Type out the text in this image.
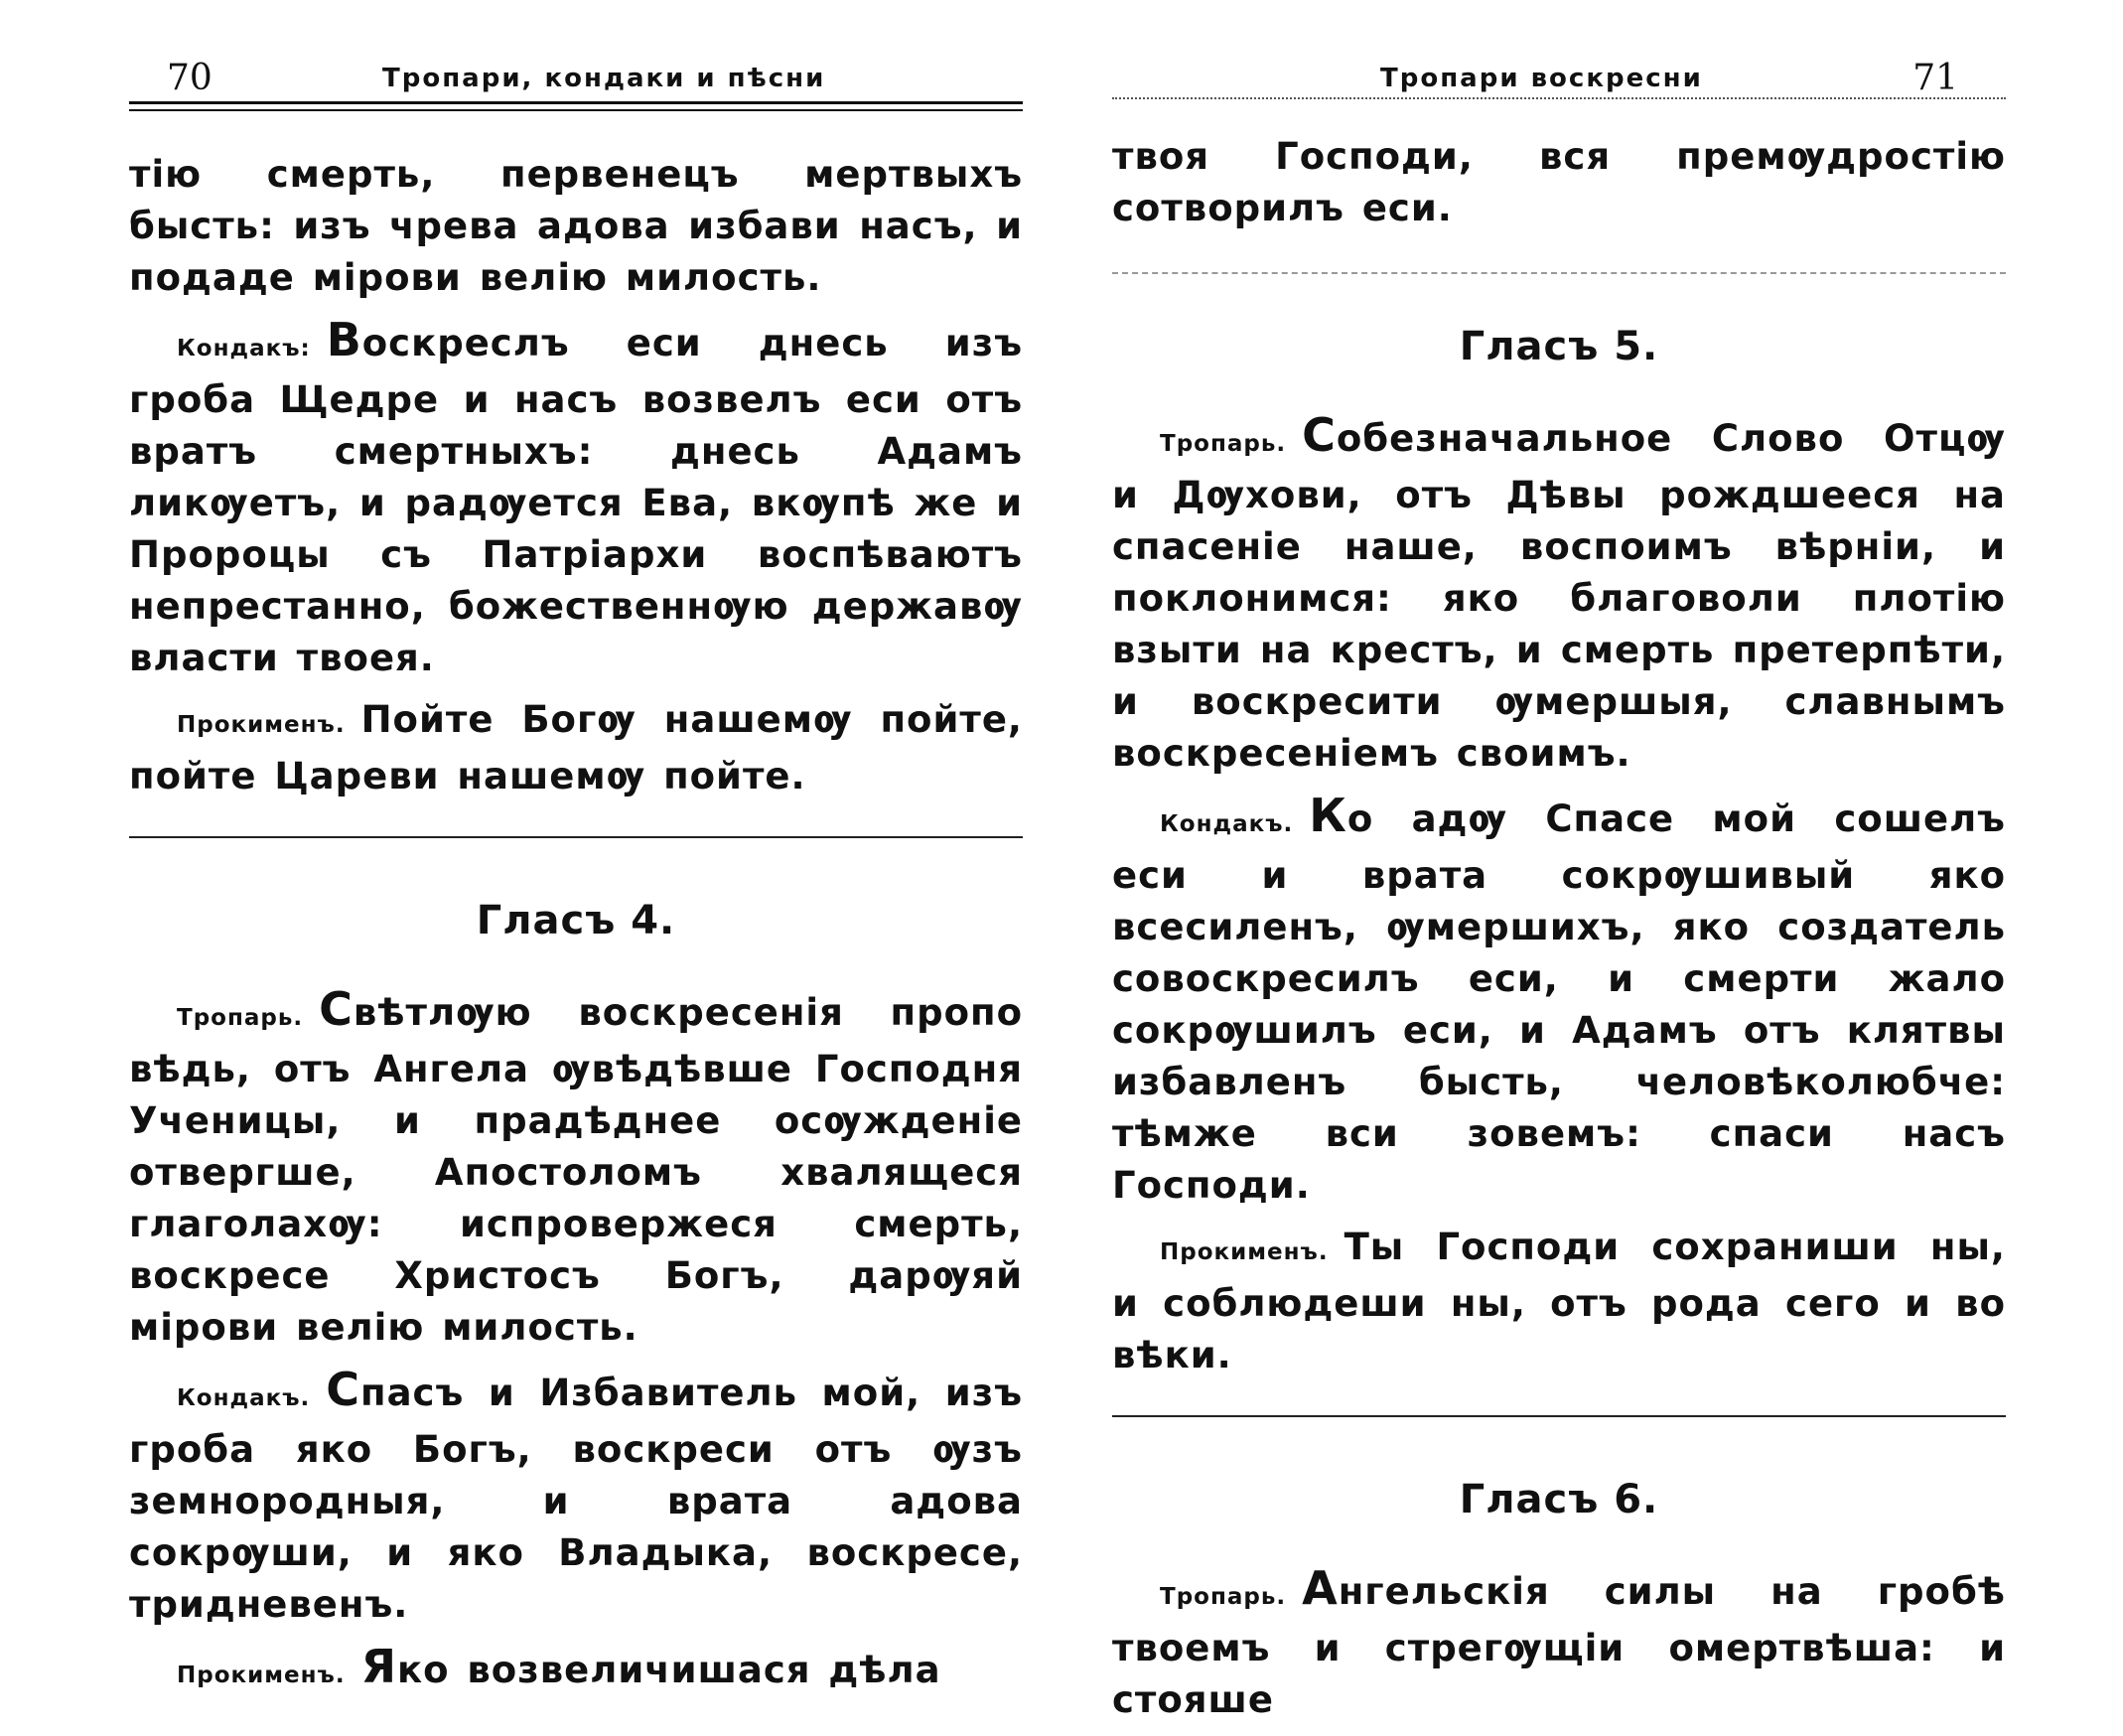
70	Тропари, кондаки и пѣсни

тію смерть, первенецъ мертвыхъ бысть: изъ чрева адова избави насъ, и подаде мірови велію милость.

Кондакъ: Воскреслъ еси днесь изъ гроба Щедре и насъ возвелъ еси отъ вратъ смертныхъ: днесь Адамъ ликѹетъ, и радѹется Ева, вкѹпѣ же и Пророцы съ Патріархи воспѣваютъ непрестанно, божественнѹю державѹ власти твоея.

Прокименъ. Пойте Богѹ нашемѹ пойте, пойте Цареви нашемѹ пойте.

Гласъ 4.

Тропарь. Свѣтлѹю воскресенія пропо вѣдь, отъ Ангела ѹвѣдѣвше Господня Ученицы, и прадѣднее осѹжденіе отвергше, Апостоломъ хвалящеся глаголахѹ: испровержеся смерть, воскресе Христосъ Богъ, дарѹяй мірови велію милость.

Кондакъ. Спасъ и Избавитель мой, изъ гроба яко Богъ, воскреси отъ ѹзъ земнородныя, и врата адова сокрѹши, и яко Владыка, воскресе, тридневенъ.

Прокименъ. Яко возвеличишася дѣла

Тропари воскресни	71

твоя Господи, вся премѹдростію сотворилъ еси.

Гласъ 5.

Тропарь. Собезначальное Слово Отцѹ и Дѹхови, отъ Дѣвы рождшееся на спасеніе наше, воспоимъ вѣрніи, и поклонимся: яко благоволи плотію взыти на крестъ, и смерть претерпѣти, и воскресити ѹмершыя, славнымъ воскресеніемъ своимъ.

Кондакъ. Ко адѹ Спасе мой сошелъ еси и врата сокрѹшивый яко всесиленъ, ѹмершихъ, яко создатель совоскресилъ еси, и смерти жало сокрѹшилъ еси, и Адамъ отъ клятвы избавленъ бысть, человѣколюбче: тѣмже вси зовемъ: спаси насъ Господи.

Прокименъ. Ты Господи сохраниши ны, и соблюдеши ны, отъ рода сего и во вѣки.

Гласъ 6.

Тропарь. Ангельскія силы на гробѣ твоемъ и стрегѹщіи омертвѣша: и стояше
